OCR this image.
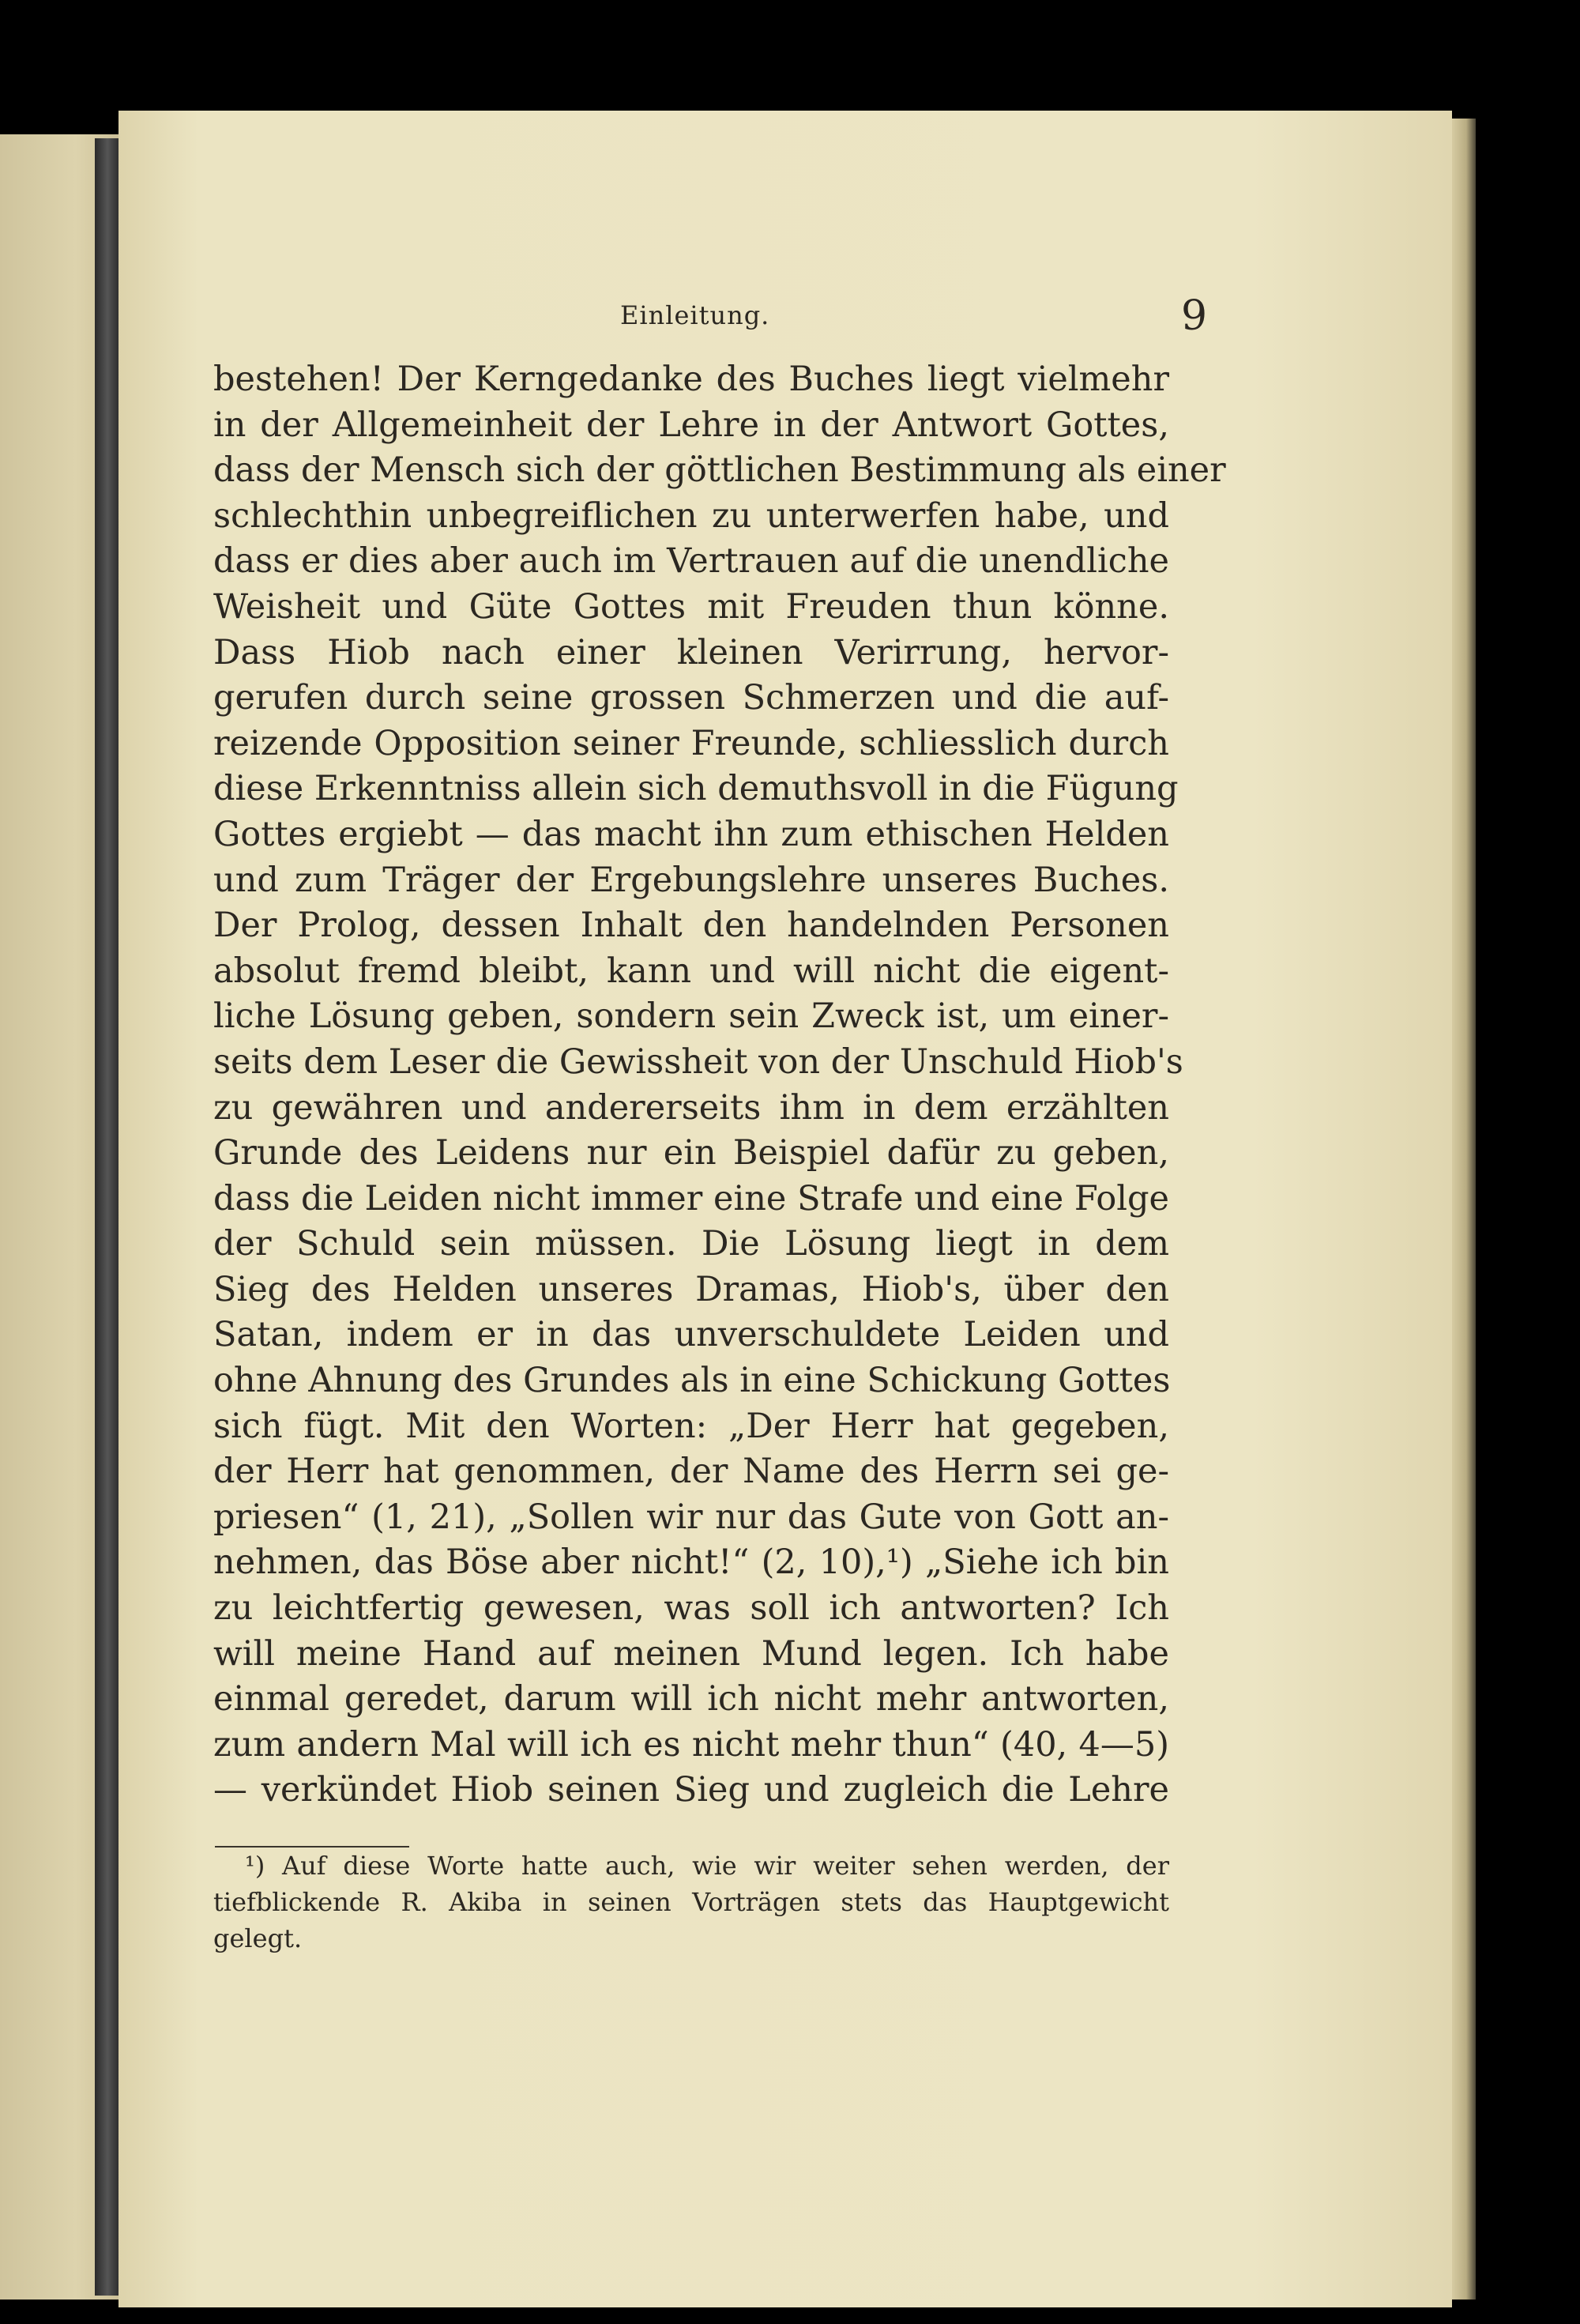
Einleitung.	9
bestehen! Der Kerngedanke des Buches liegt vielmehr
in der Allgemeinheit der Lehre in der Antwort Gottes,
dass der Mensch sich der göttlichen Bestimmung als einer
schlechthin unbegreiflichen zu unterwerfen habe, und
dass er dies aber auch im Vertrauen auf die unendliche
Weisheit und Güte Gottes mit Freuden thun könne.
Dass Hiob nach einer kleinen Verirrung, hervor-
gerufen durch seine grossen Schmerzen und die auf-
reizende Opposition seiner Freunde, schliesslich durch
diese Erkenntniss allein sich demuthsvoll in die Fügung
Gottes ergiebt — das macht ihn zum ethischen Helden
und zum Träger der Ergebungslehre unseres Buches.
Der Prolog, dessen Inhalt den handelnden Personen
absolut fremd bleibt, kann und will nicht die eigent-
liche Lösung geben, sondern sein Zweck ist, um einer-
seits dem Leser die Gewissheit von der Unschuld Hiob's
zu gewähren und andererseits ihm in dem erzählten
Grunde des Leidens nur ein Beispiel dafür zu geben,
dass die Leiden nicht immer eine Strafe und eine Folge
der Schuld sein müssen. Die Lösung liegt in dem
Sieg des Helden unseres Dramas, Hiob's, über den
Satan, indem er in das unverschuldete Leiden und
ohne Ahnung des Grundes als in eine Schickung Gottes
sich fügt. Mit den Worten: „Der Herr hat gegeben,
der Herr hat genommen, der Name des Herrn sei ge-
priesen“ (1, 21), „Sollen wir nur das Gute von Gott an-
nehmen, das Böse aber nicht!“ (2, 10),¹) „Siehe ich bin
zu leichtfertig gewesen, was soll ich antworten? Ich
will meine Hand auf meinen Mund legen. Ich habe
einmal geredet, darum will ich nicht mehr antworten,
zum andern Mal will ich es nicht mehr thun“ (40, 4—5)
— verkündet Hiob seinen Sieg und zugleich die Lehre
¹) Auf diese Worte hatte auch, wie wir weiter sehen werden, der
tiefblickende R. Akiba in seinen Vorträgen stets das Hauptgewicht
gelegt.
